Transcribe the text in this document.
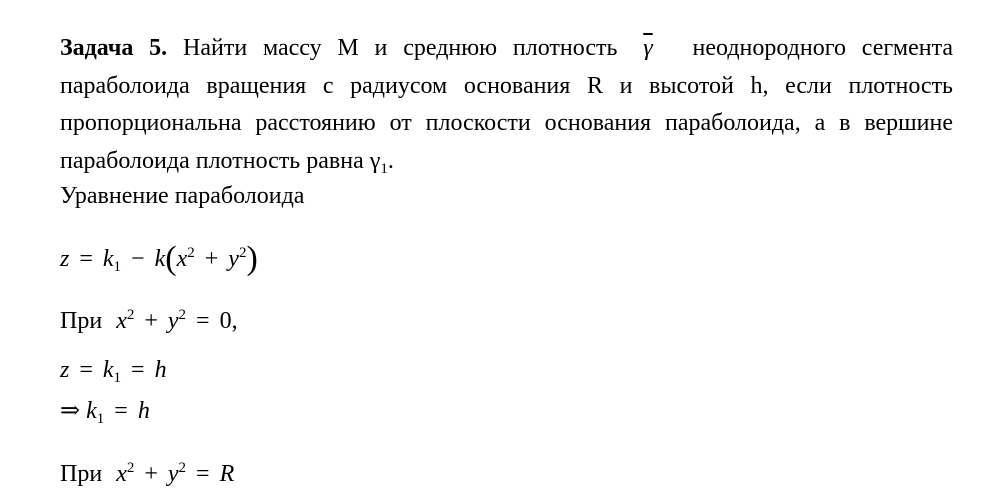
Задача 5. Найти массу M и среднюю плотность $\overline{\gamma}$ неоднородного сегмента параболоида вращения с радиусом основания R и высотой h, если плотность пропорциональна расстоянию от плоскости основания параболоида, а в вершине параболоида плотность равна $\gamma_1$.

Уравнение параболоида

$z = k_1 - k(x^2 + y^2)$

При $x^2 + y^2 = 0$,

$z = k_1 = h$

⇒ $k_1 = h$

При $x^2 + y^2 = R$
